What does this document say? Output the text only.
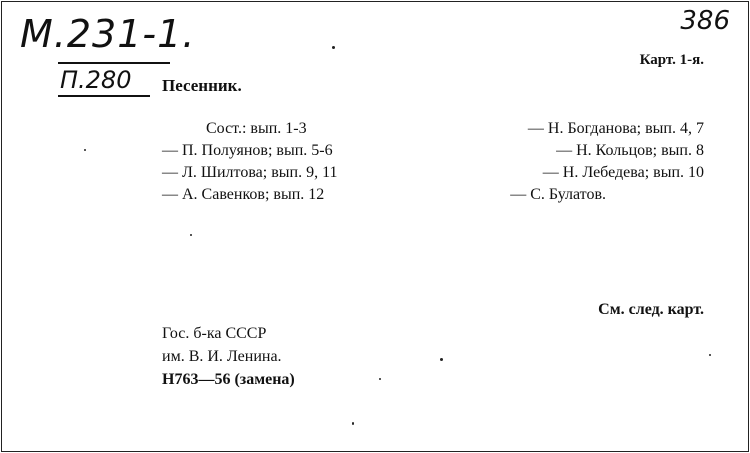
М.231-1.
П.280
386
Карт. 1-я.
Песенник.
Сост.: вып. 1-3
— П. Полуянов; вып. 5-6
— Л. Шилтова; вып. 9, 11
— А. Савенков; вып. 12
— Н. Богданова; вып. 4, 7
— Н. Кольцов; вып. 8
— Н. Лебедева; вып. 10
— С. Булатов.
См. след. карт.
Гос. б-ка СССР
им. В. И. Ленина.
Н763—56 (замена)
